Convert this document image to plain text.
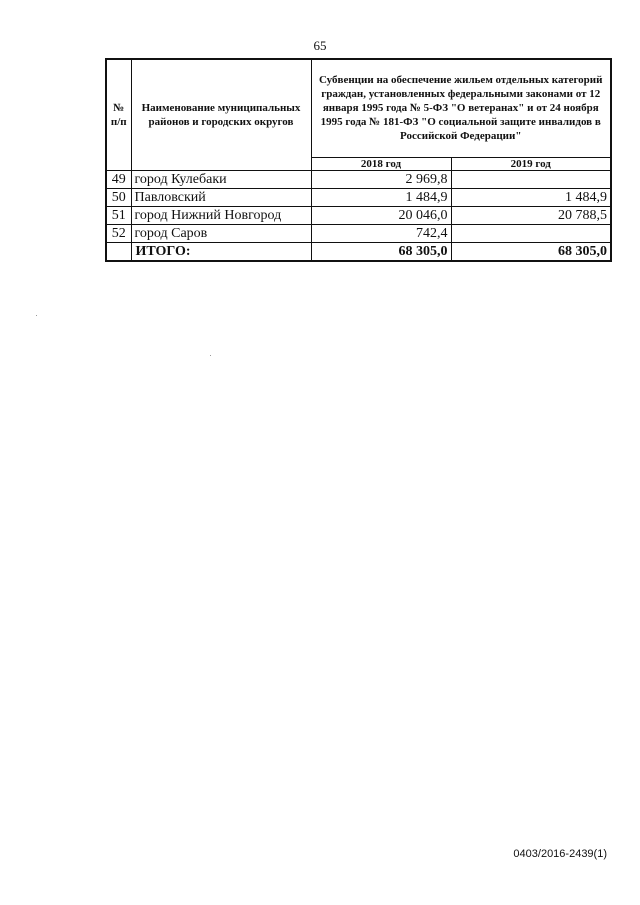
65
№ п/п	Наименование муниципальных районов и городских округов	Субвенции на обеспечение жильем отдельных категорий граждан, установленных федеральными законами от 12 января 1995 года № 5-ФЗ "О ветеранах" и от 24 ноября 1995 года № 181-ФЗ "О социальной защите инвалидов в Российской Федерации"	
		2018 год	2019 год
49	город Кулебаки	2 969,8	
50	Павловский	1 484,9	1 484,9
51	город Нижний Новгород	20 046,0	20 788,5
52	город Саров	742,4	
	ИТОГО:	68 305,0	68 305,0
0403/2016-2439(1)
